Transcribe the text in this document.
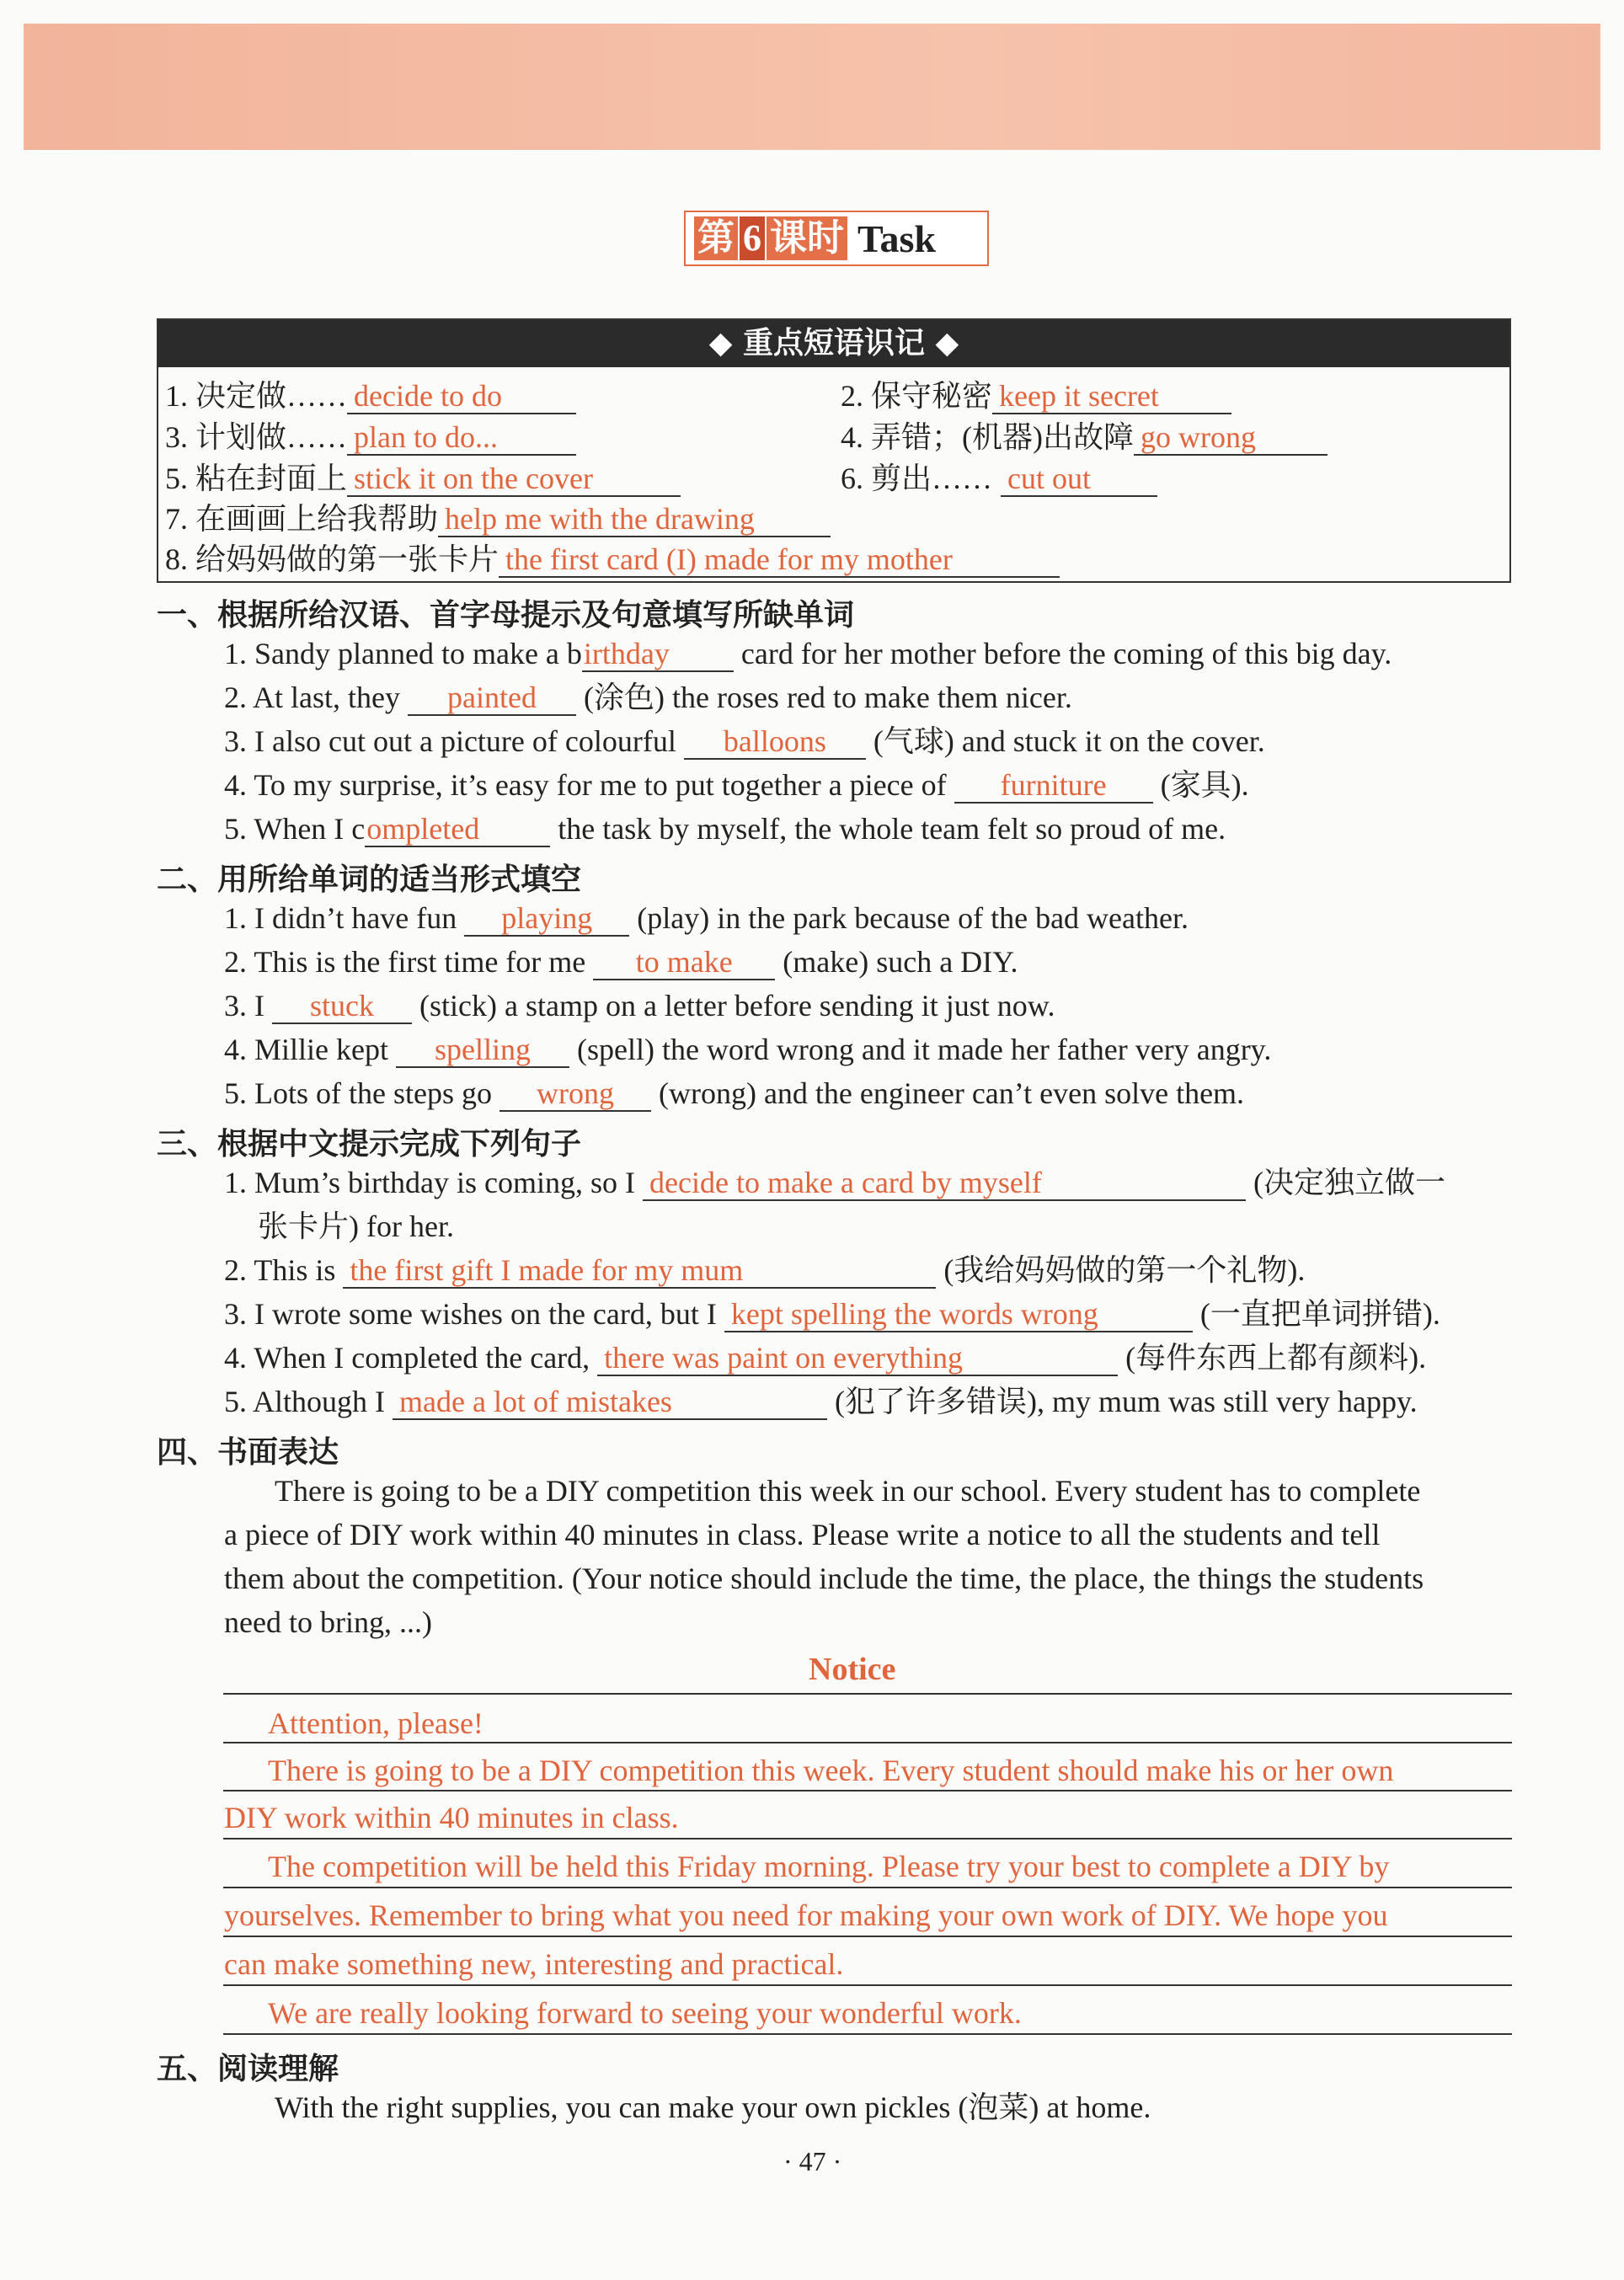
第 6 课时 Task
◆ 重点短语识记 ◆
1. 决定做…… decide to do	2. 保守秘密 keep it secret
3. 计划做…… plan to do...	4. 弄错；(机器)出故障 go wrong
5. 粘在封面上 stick it on the cover	6. 剪出…… cut out
7. 在画画上给我帮助 help me with the drawing
8. 给妈妈做的第一张卡片 the first card (I) made for my mother
一、根据所给汉语、首字母提示及句意填写所缺单词
1. Sandy planned to make a birthday card for her mother before the coming of this big day.
2. At last, they painted (涂色) the roses red to make them nicer.
3. I also cut out a picture of colourful balloons (气球) and stuck it on the cover.
4. To my surprise, it’s easy for me to put together a piece of furniture (家具).
5. When I completed	the task by myself, the whole team felt so proud of me.
二、用所给单词的适当形式填空
1. I didn’t have fun playing (play) in the park because of the bad weather.
2. This is the first time for me to make (make) such a DIY.
3. I stuck (stick) a stamp on a letter before sending it just now.
4. Millie kept spelling (spell) the word wrong and it made her father very angry.
5. Lots of the steps go wrong (wrong) and the engineer can’t even solve them.
三、根据中文提示完成下列句子
1. Mum’s birthday is coming, so I decide to make a card by myself	(决定独立做一
张卡片) for her.
2. This is the first gift I made for my mum	(我给妈妈做的第一个礼物).
3. I wrote some wishes on the card, but I kept spelling the words wrong	(一直把单词拼错).
4. When I completed the card, there was paint on everything	(每件东西上都有颜料).
5. Although I made a lot of mistakes	(犯了许多错误), my mum was still very happy.
四、书面表达
There is going to be a DIY competition this week in our school. Every student has to complete
a piece of DIY work within 40 minutes in class. Please write a notice to all the students and tell
them about the competition. (Your notice should include the time, the place, the things the students
need to bring, ...)
Notice
Attention, please!
There is going to be a DIY competition this week. Every student should make his or her own
DIY work within 40 minutes in class.
The competition will be held this Friday morning. Please try your best to complete a DIY by
yourselves. Remember to bring what you need for making your own work of DIY. We hope you
can make something new, interesting and practical.
We are really looking forward to seeing your wonderful work.
五、阅读理解
With the right supplies, you can make your own pickles (泡菜) at home.
· 47 ·
